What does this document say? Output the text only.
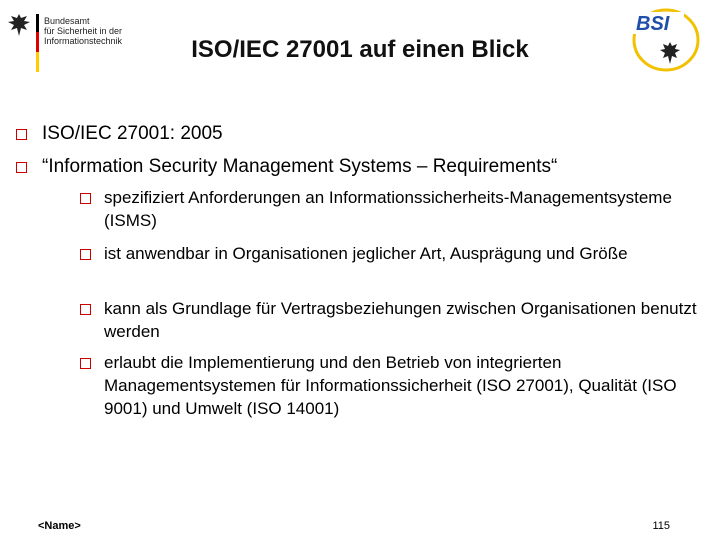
Bundesamt
für Sicherheit in der
Informationstechnik	ISO/IEC 27001 auf einen Blick
BSI
ISO/IEC 27001: 2005
“Information Security Management Systems – Requirements“
spezifiziert Anforderungen an Informationssicherheits-Managementsysteme (ISMS)
ist anwendbar in Organisationen jeglicher Art, Ausprägung und Größe
kann als Grundlage für Vertragsbeziehungen zwischen Organisationen benutzt werden
erlaubt die Implementierung und den Betrieb von integrierten Managementsystemen für Informationssicherheit (ISO 27001), Qualität (ISO 9001) und Umwelt (ISO 14001)
<Name>	115
